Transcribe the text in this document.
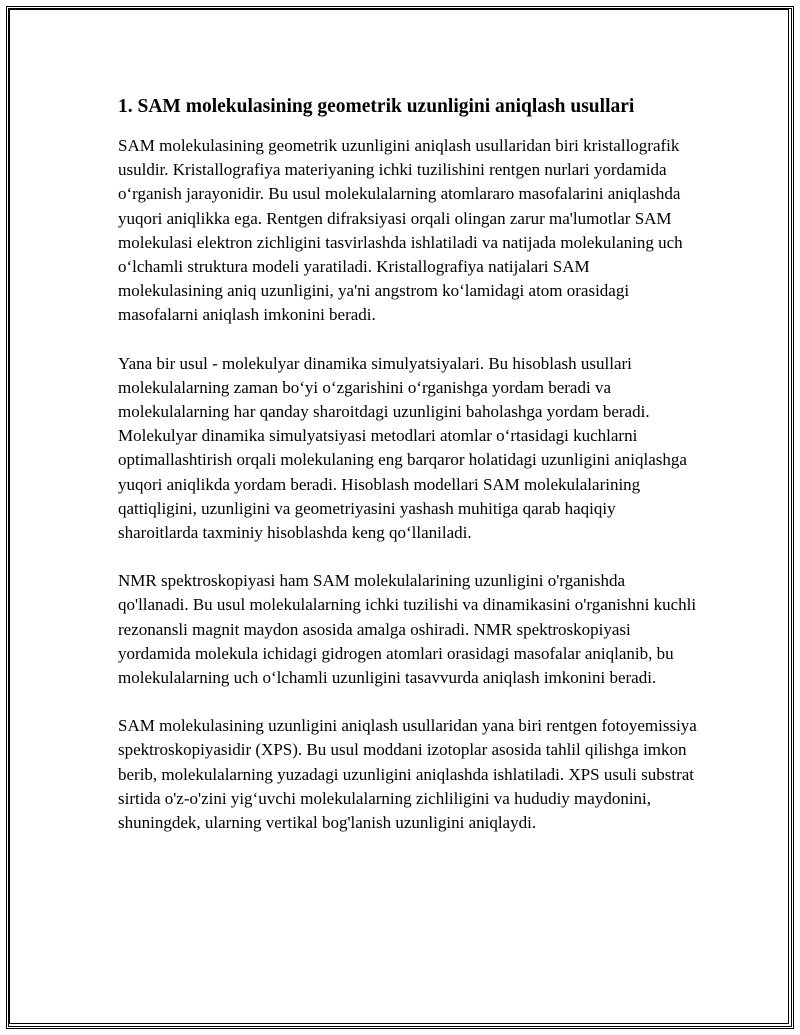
1. SAM molekulasining geometrik uzunligini aniqlash usullari

SAM molekulasining geometrik uzunligini aniqlash usullaridan biri kristallografik usuldir. Kristallografiya materiyaning ichki tuzilishini rentgen nurlari yordamida o‘rganish jarayonidir. Bu usul molekulalarning atomlararo masofalarini aniqlashda yuqori aniqlikka ega. Rentgen difraksiyasi orqali olingan zarur ma'lumotlar SAM molekulasi elektron zichligini tasvirlashda ishlatiladi va natijada molekulaning uch o‘lchamli struktura modeli yaratiladi. Kristallografiya natijalari SAM molekulasining aniq uzunligini, ya'ni angstrom ko‘lamidagi atom orasidagi masofalarni aniqlash imkonini beradi.

Yana bir usul - molekulyar dinamika simulyatsiyalari. Bu hisoblash usullari molekulalarning zaman bo‘yi o‘zgarishini o‘rganishga yordam beradi va molekulalarning har qanday sharoitdagi uzunligini baholashga yordam beradi. Molekulyar dinamika simulyatsiyasi metodlari atomlar o‘rtasidagi kuchlarni optimallashtirish orqali molekulaning eng barqaror holatidagi uzunligini aniqlashga yuqori aniqlikda yordam beradi. Hisoblash modellari SAM molekulalarining qattiqligini, uzunligini va geometriyasini yashash muhitiga qarab haqiqiy sharoitlarda taxminiy hisoblashda keng qo‘llaniladi.

NMR spektroskopiyasi ham SAM molekulalarining uzunligini o'rganishda qo'llanadi. Bu usul molekulalarning ichki tuzilishi va dinamikasini o'rganishni kuchli rezonansli magnit maydon asosida amalga oshiradi. NMR spektroskopiyasi yordamida molekula ichidagi gidrogen atomlari orasidagi masofalar aniqlanib, bu molekulalarning uch o‘lchamli uzunligini tasavvurda aniqlash imkonini beradi.

SAM molekulasining uzunligini aniqlash usullaridan yana biri rentgen fotoyemissiya spektroskopiyasidir (XPS). Bu usul moddani izotoplar asosida tahlil qilishga imkon berib, molekulalarning yuzadagi uzunligini aniqlashda ishlatiladi. XPS usuli substrat sirtida o'z-o'zini yig‘uvchi molekulalarning zichliligini va hududiy maydonini, shuningdek, ularning vertikal bog'lanish uzunligini aniqlaydi.
